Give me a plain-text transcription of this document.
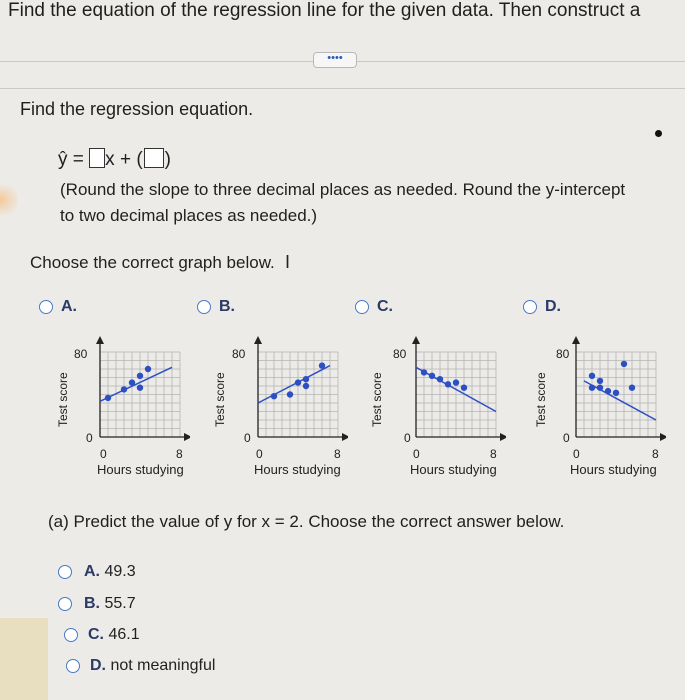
Find the equation of the regression line for the given data. Then construct a
••••
Find the regression equation.
ŷ = x + ( )
(Round the slope to three decimal places as needed. Round the y-intercept
to two decimal places as needed.)
Choose the correct graph below. I
A.	B.	C.	D.
Test score
80
0
0	8
Hours studying
Test score
80
0
0	8
Hours studying
Test score
80
0
0	8
Hours studying
Test score
80
0
0	8
Hours studying
(a) Predict the value of y for x = 2. Choose the correct answer below.
A. 49.3
B. 55.7
C. 46.1
D. not meaningful
